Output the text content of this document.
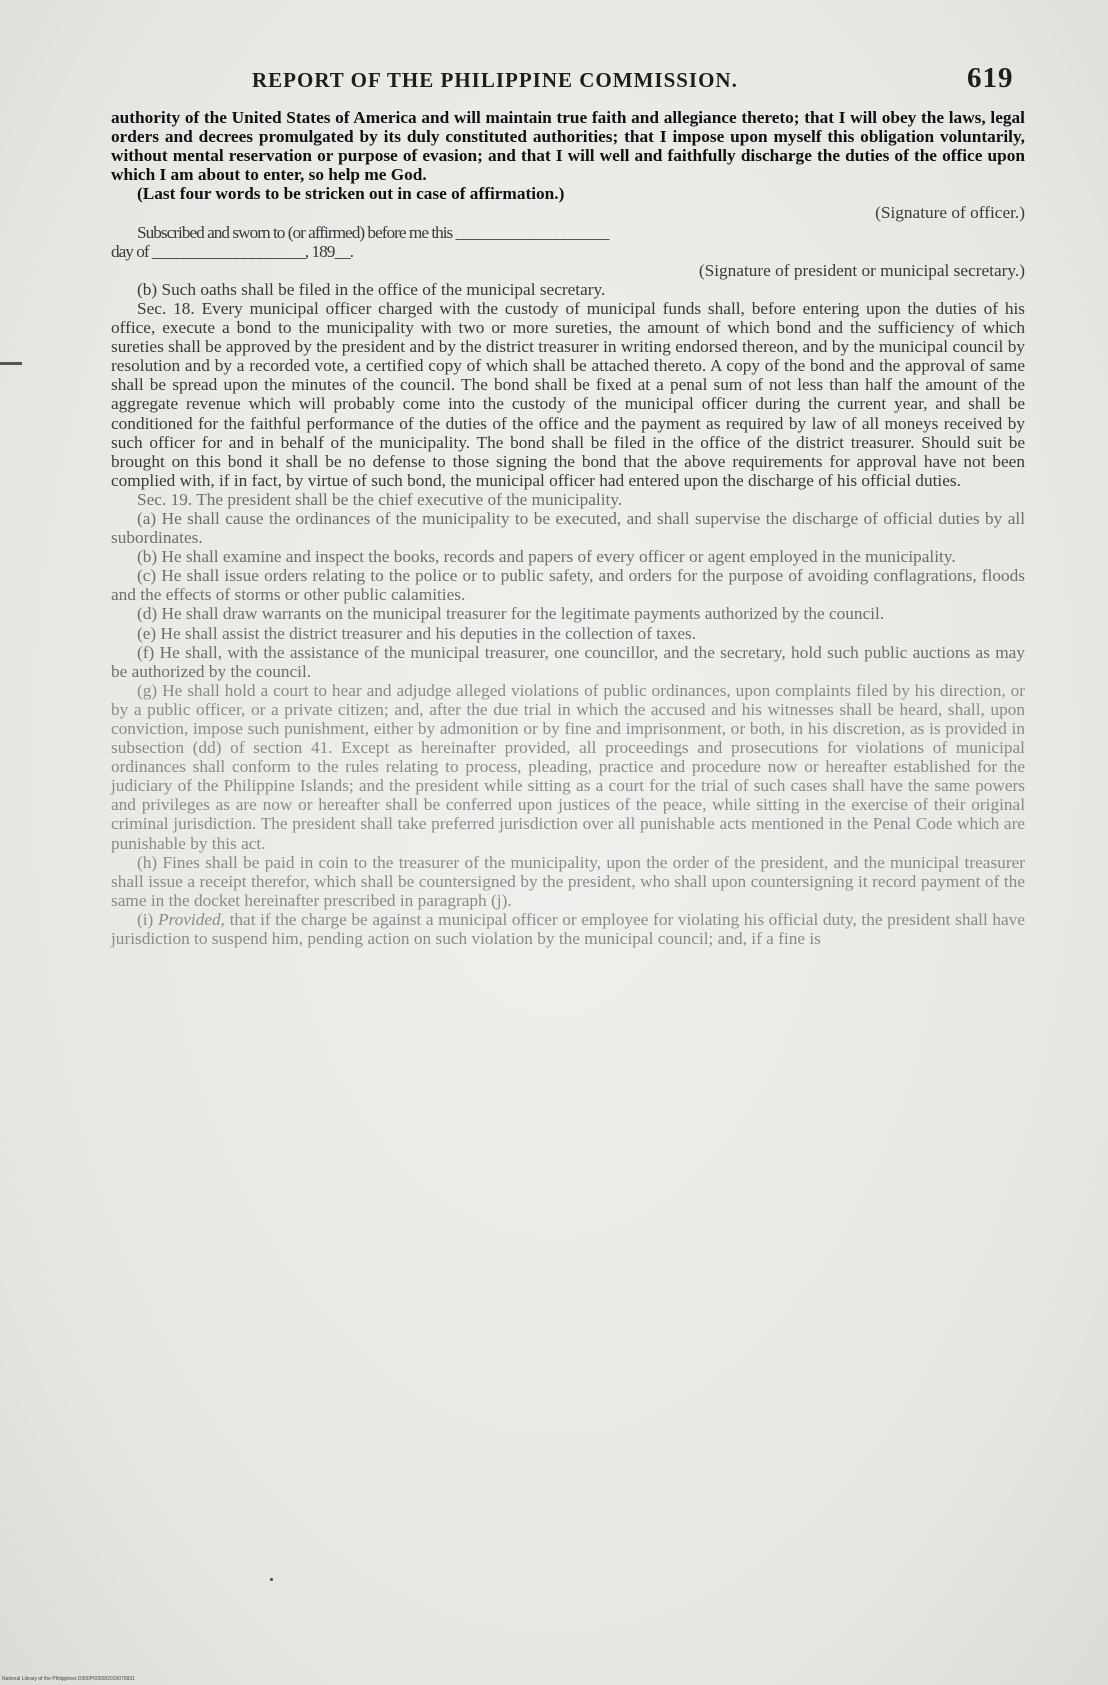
REPORT OF THE PHILIPPINE COMMISSION.	619

authority of the United States of America and will maintain true faith and allegiance thereto; that I will obey the laws, legal orders and decrees promulgated by its duly constituted authorities; that I impose upon myself this obligation voluntarily, without mental reservation or purpose of evasion; and that I will well and faithfully discharge the duties of the office upon which I am about to enter, so help me God.

(Last four words to be stricken out in case of affirmation.)

(Signature of officer.)

Subscribed and sworn to (or affirmed) before me this ____________________

day of ____________________, 189__.

(Signature of president or municipal secretary.)

(b) Such oaths shall be filed in the office of the municipal secretary.

Sec. 18. Every municipal officer charged with the custody of municipal funds shall, before entering upon the duties of his office, execute a bond to the municipality with two or more sureties, the amount of which bond and the sufficiency of which sureties shall be approved by the president and by the district treasurer in writing endorsed thereon, and by the municipal council by resolution and by a recorded vote, a certified copy of which shall be attached thereto. A copy of the bond and the approval of same shall be spread upon the minutes of the council. The bond shall be fixed at a penal sum of not less than half the amount of the aggregate revenue which will probably come into the custody of the municipal officer during the current year, and shall be conditioned for the faithful performance of the duties of the office and the payment as required by law of all moneys received by such officer for and in behalf of the municipality. The bond shall be filed in the office of the district treasurer. Should suit be brought on this bond it shall be no defense to those signing the bond that the above requirements for approval have not been complied with, if in fact, by virtue of such bond, the municipal officer had entered upon the discharge of his official duties.

Sec. 19. The president shall be the chief executive of the municipality.

(a) He shall cause the ordinances of the municipality to be executed, and shall supervise the discharge of official duties by all subordinates.

(b) He shall examine and inspect the books, records and papers of every officer or agent employed in the municipality.

(c) He shall issue orders relating to the police or to public safety, and orders for the purpose of avoiding conflagrations, floods and the effects of storms or other public calamities.

(d) He shall draw warrants on the municipal treasurer for the legitimate payments authorized by the council.

(e) He shall assist the district treasurer and his deputies in the collection of taxes.

(f) He shall, with the assistance of the municipal treasurer, one councillor, and the secretary, hold such public auctions as may be authorized by the council.

(g) He shall hold a court to hear and adjudge alleged violations of public ordinances, upon complaints filed by his direction, or by a public officer, or a private citizen; and, after the due trial in which the accused and his witnesses shall be heard, shall, upon conviction, impose such punishment, either by admonition or by fine and imprisonment, or both, in his discretion, as is provided in subsection (dd) of section 41. Except as hereinafter provided, all proceedings and prosecutions for violations of municipal ordinances shall conform to the rules relating to process, pleading, practice and procedure now or hereafter established for the judiciary of the Philippine Islands; and the president while sitting as a court for the trial of such cases shall have the same powers and privileges as are now or hereafter shall be conferred upon justices of the peace, while sitting in the exercise of their original criminal jurisdiction. The president shall take preferred jurisdiction over all punishable acts mentioned in the Penal Code which are punishable by this act.

(h) Fines shall be paid in coin to the treasurer of the municipality, upon the order of the president, and the municipal treasurer shall issue a receipt therefor, which shall be countersigned by the president, who shall upon countersigning it record payment of the same in the docket hereinafter prescribed in paragraph (j).

(i) Provided, that if the charge be against a municipal officer or employee for violating his official duty, the president shall have jurisdiction to suspend him, pending action on such violation by the municipal council; and, if a fine is

National Library of the Philippines D300P000282019070931
